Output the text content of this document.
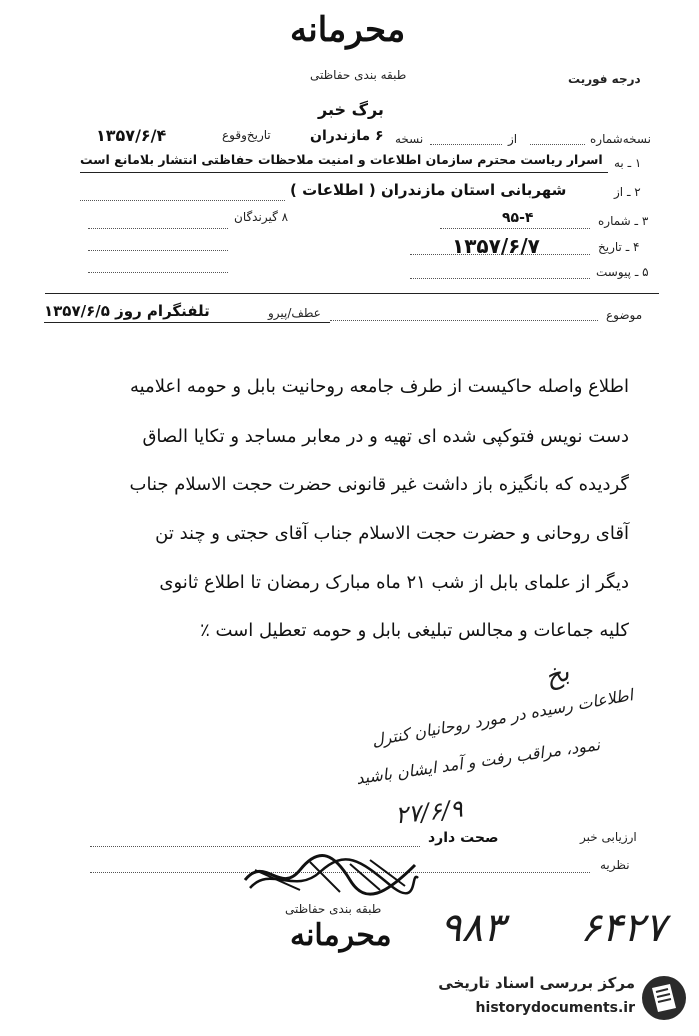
محرمانه
طبقه بندی حفاظتی	درجه فوریت
برگ خبر
نسخه‌شماره
از
نسخه
۶ مازندران
تاریخ‌وقوع
۱۳۵۷/۶/۴
۱ ـ به
اسرار ریاست محترم سازمان اطلاعات و امنیت ملاحظات حفاظتی انتشار بلامانع است
۲ ـ از
شهربانی استان مازندران ( اطلاعات )
۳ ـ شماره
۹۵-۴
۸ گیرندگان
۴ ـ تاریخ
۱۳۵۷/۶/۷
۵ ـ پیوست
موضوع
عطف/پیرو
تلفنگرام روز ۱۳۵۷/۶/۵
اطلاع واصله حاکیست از طرف جامعه روحانیت بابل و حومه اعلامیه
دست نویس فتوکپی شده ای تهیه و در معابر مساجد و تکایا الصاق
گردیده که بانگیزه باز داشت غیر قانونی حضرت حجت الاسلام جناب
آقای روحانی و حضرت حجت الاسلام جناب آقای حجتی و چند تن
دیگر از علمای بابل از شب ۲۱ ماه مبارک رمضان تا اطلاع ثانوی
کلیه جماعات و مجالس تبلیغی بابل و حومه تعطیل است ٪
بخ
اطلاعات رسیده در مورد روحانیان کنترل
نمود، مراقب رفت و آمد ایشان باشید
۲۷/۶/۹
ارزیابی خبر
صحت دارد
نظریه
طبقه بندی حفاظتی
محرمانه ۹۸۳ ۶۴۲۷
مرکز بررسی اسناد تاریخی
historydocuments.ir
